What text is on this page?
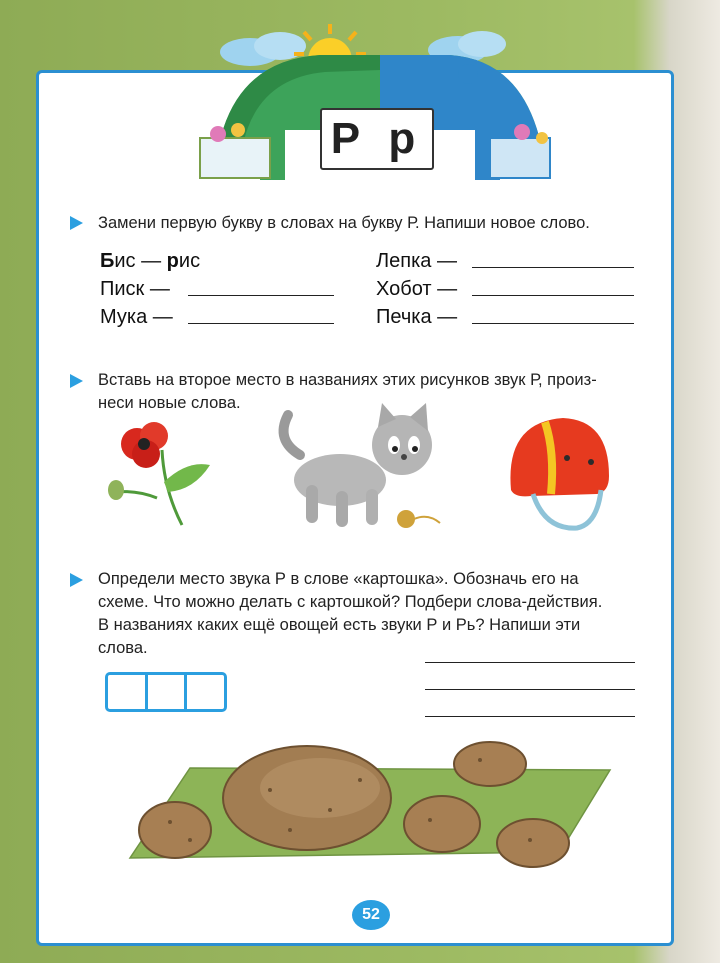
Р р
Замени первую букву в словах на букву Р. Напиши новое слово.
Бис — рис
Писк —
Мука —
Лепка —
Хобот —
Печка —
Вставь на второе место в названиях этих рисунков звук Р, произ-
неси новые слова.
Определи место звука Р в слове «картошка». Обозначь его на
схеме. Что можно делать с картошкой? Подбери слова-действия.
В названиях каких ещё овощей есть звуки Р и Рь? Напиши эти
слова.
52
